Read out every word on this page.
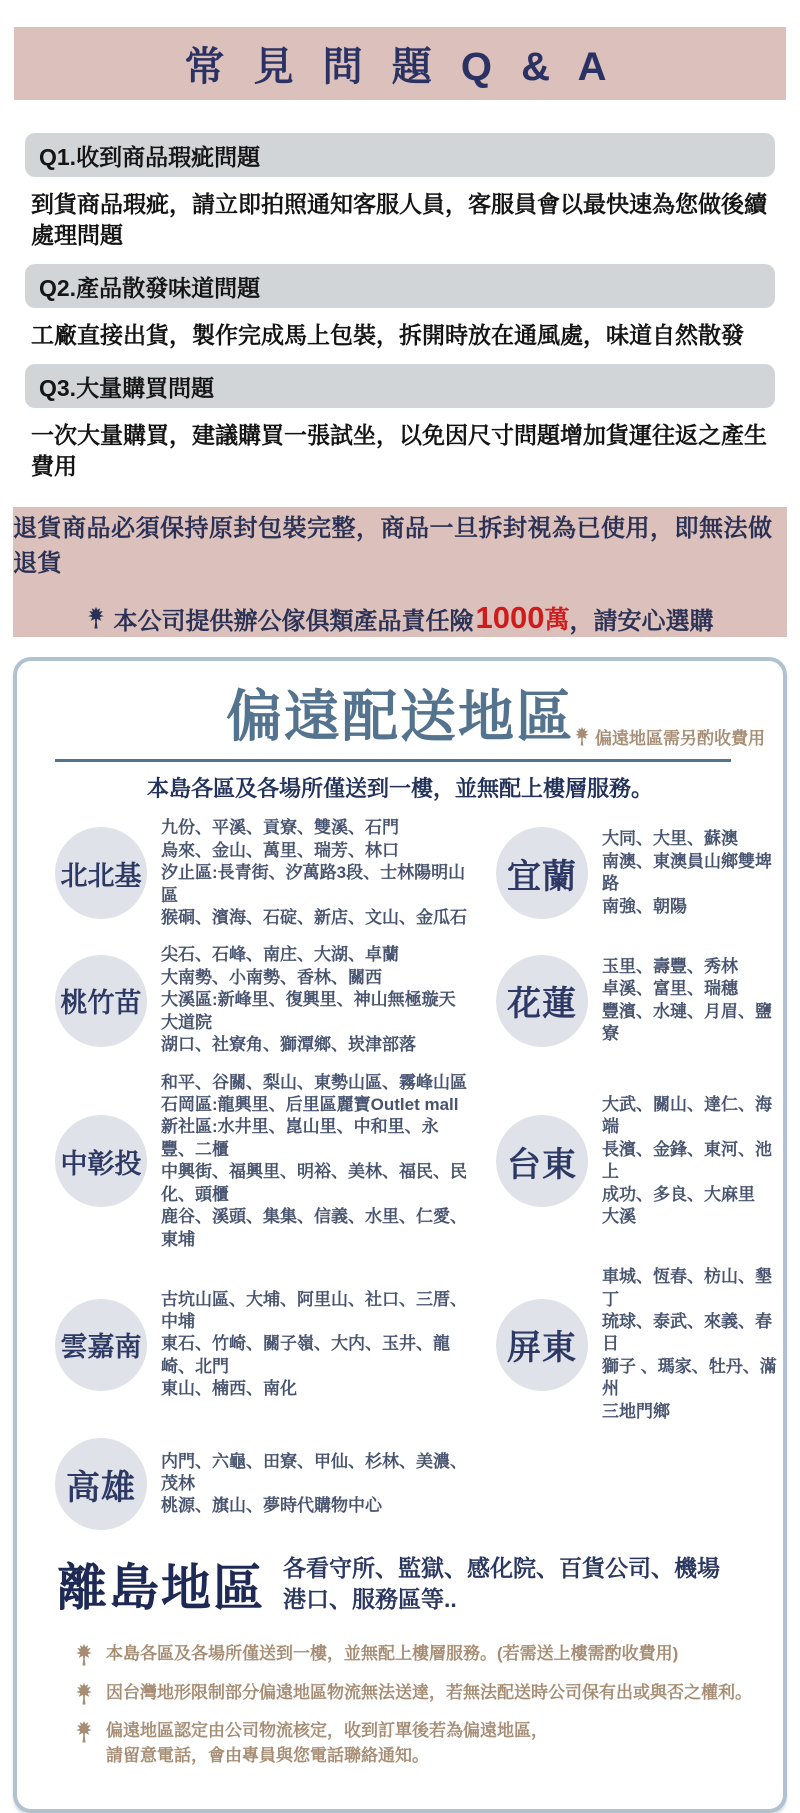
常 見 問 題 Q & A
Q1.收到商品瑕疵問題
到貨商品瑕疵，請立即拍照通知客服人員，客服員會以最快速為您做後續處理問題
Q2.產品散發味道問題
工廠直接出貨，製作完成馬上包裝，拆開時放在通風處，味道自然散發
Q3.大量購買問題
一次大量購買，建議購買一張試坐，以免因尺寸問題增加貨運往返之產生費用
退貨商品必須保持原封包裝完整，商品一旦拆封視為已使用，即無法做退貨
本公司提供辦公傢俱類產品責任險 1000 萬 ，請安心選購
偏遠配送地區 偏遠地區需另酌收費用
本島各區及各場所僅送到一樓，並無配上樓層服務。
北北基
九份、平溪、貢寮、雙溪、石門
烏來、金山、萬里、瑞芳、林口
汐止區:長青街、汐萬路3段、士林陽明山區
猴硐、濱海、石碇、新店、文山、金瓜石
宜蘭
大同、大里、蘇澳
南澳、東澳員山鄉雙埤路
南強、朝陽
桃竹苗
尖石、石峰、南庄、大湖、卓蘭
大南勢、小南勢、香林、關西
大溪區:新峰里、復興里、神山無極璇天大道院
湖口、社寮角、獅潭鄉、崁津部落
花蓮
玉里、壽豐、秀林
卓溪、富里、瑞穗
豐濱、水璉、月眉、鹽寮
中彰投
和平、谷關、梨山、東勢山區、霧峰山區
石岡區:龍興里、后里區麗寶Outlet mall
新社區:水井里、崑山里、中和里、永豐、二櫃
中興街、福興里、明裕、美林、福民、民化、頭櫃
鹿谷、溪頭、集集、信義、水里、仁愛、東埔
台東
大武、關山、達仁、海端
長濱、金鋒、東河、池上
成功、多良、大麻里
大溪
雲嘉南
古坑山區、大埔、阿里山、社口、三厝、中埔
東石、竹崎、關子嶺、大内、玉井、龍崎、北門
東山、楠西、南化
屏東
車城、恆春、枋山、墾丁
琉球、泰武、來義、春日
獅子 、瑪家、牡丹、滿州
三地門鄉
高雄
内門、六龜、田寮、甲仙、杉林、美濃、茂林
桃源、旗山、夢時代購物中心
離島地區 各看守所、監獄、感化院、百貨公司、機場
港口、服務區等..
本島各區及各場所僅送到一樓，並無配上樓層服務。(若需送上樓需酌收費用)
因台灣地形限制部分偏遠地區物流無法送達，若無法配送時公司保有出或與否之權利。
偏遠地區認定由公司物流核定，收到訂單後若為偏遠地區，
請留意電話，會由專員與您電話聯絡通知。
